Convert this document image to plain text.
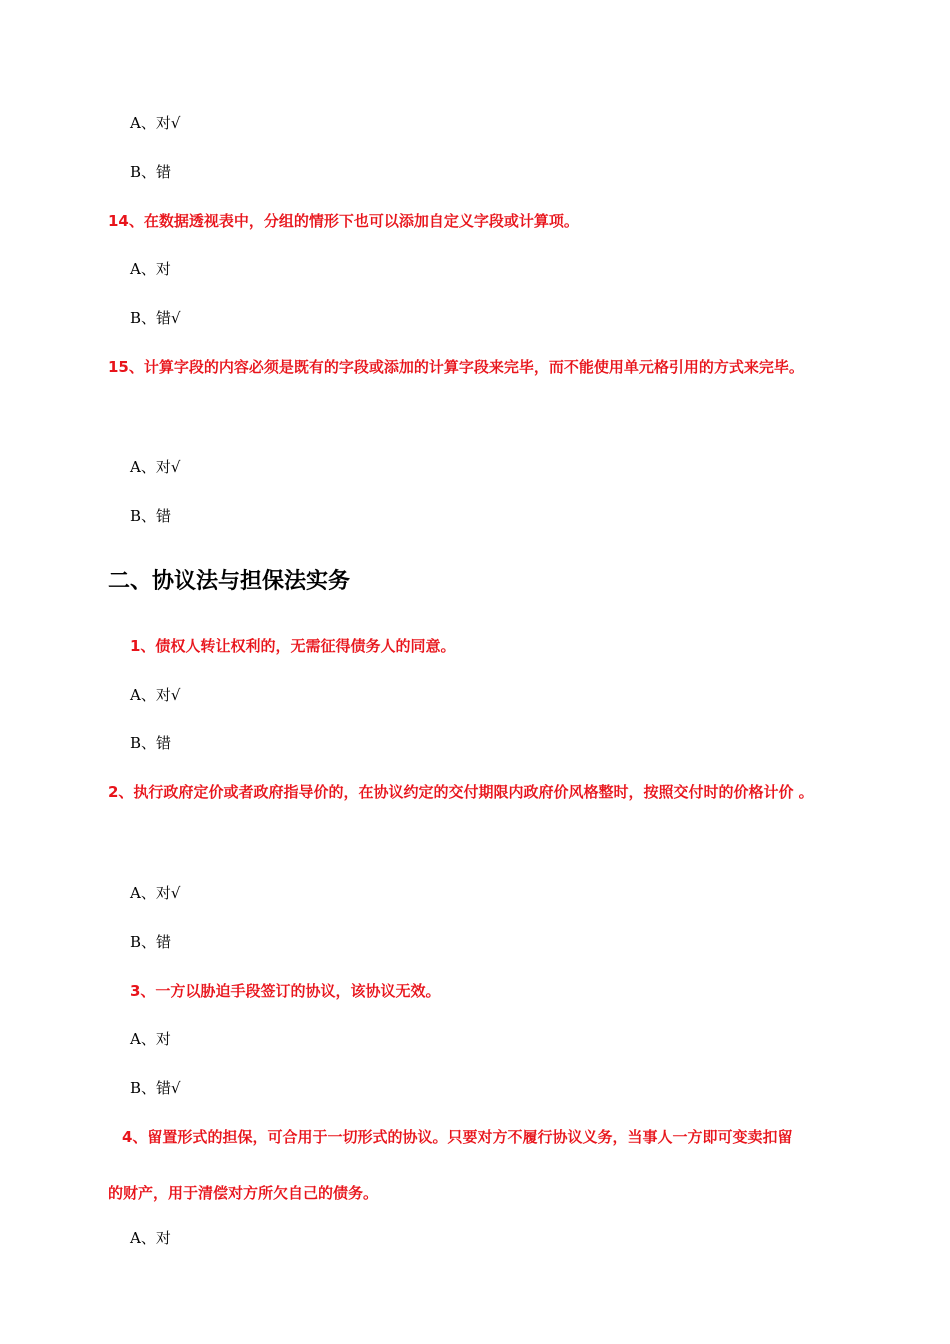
A、对√
B、错
14、在数据透视表中，分组的情形下也可以添加自定义字段或计算项。
A、对
B、错√
15、计算字段的内容必须是既有的字段或添加的计算字段来完毕，而不能使用单元格引用的方式来完毕。
A、对√
B、错
二、协议法与担保法实务
1、债权人转让权利的，无需征得债务人的同意。
A、对√
B、错
2、执行政府定价或者政府指导价的，在协议约定的交付期限内政府价风格整时，按照交付时的价格计价 。
A、对√
B、错
3、一方以胁迫手段签订的协议，该协议无效。
A、对
B、错√
4、留置形式的担保，可合用于一切形式的协议。只要对方不履行协议义务，当事人一方即可变卖扣留
的财产，用于清偿对方所欠自己的债务。
A、对
